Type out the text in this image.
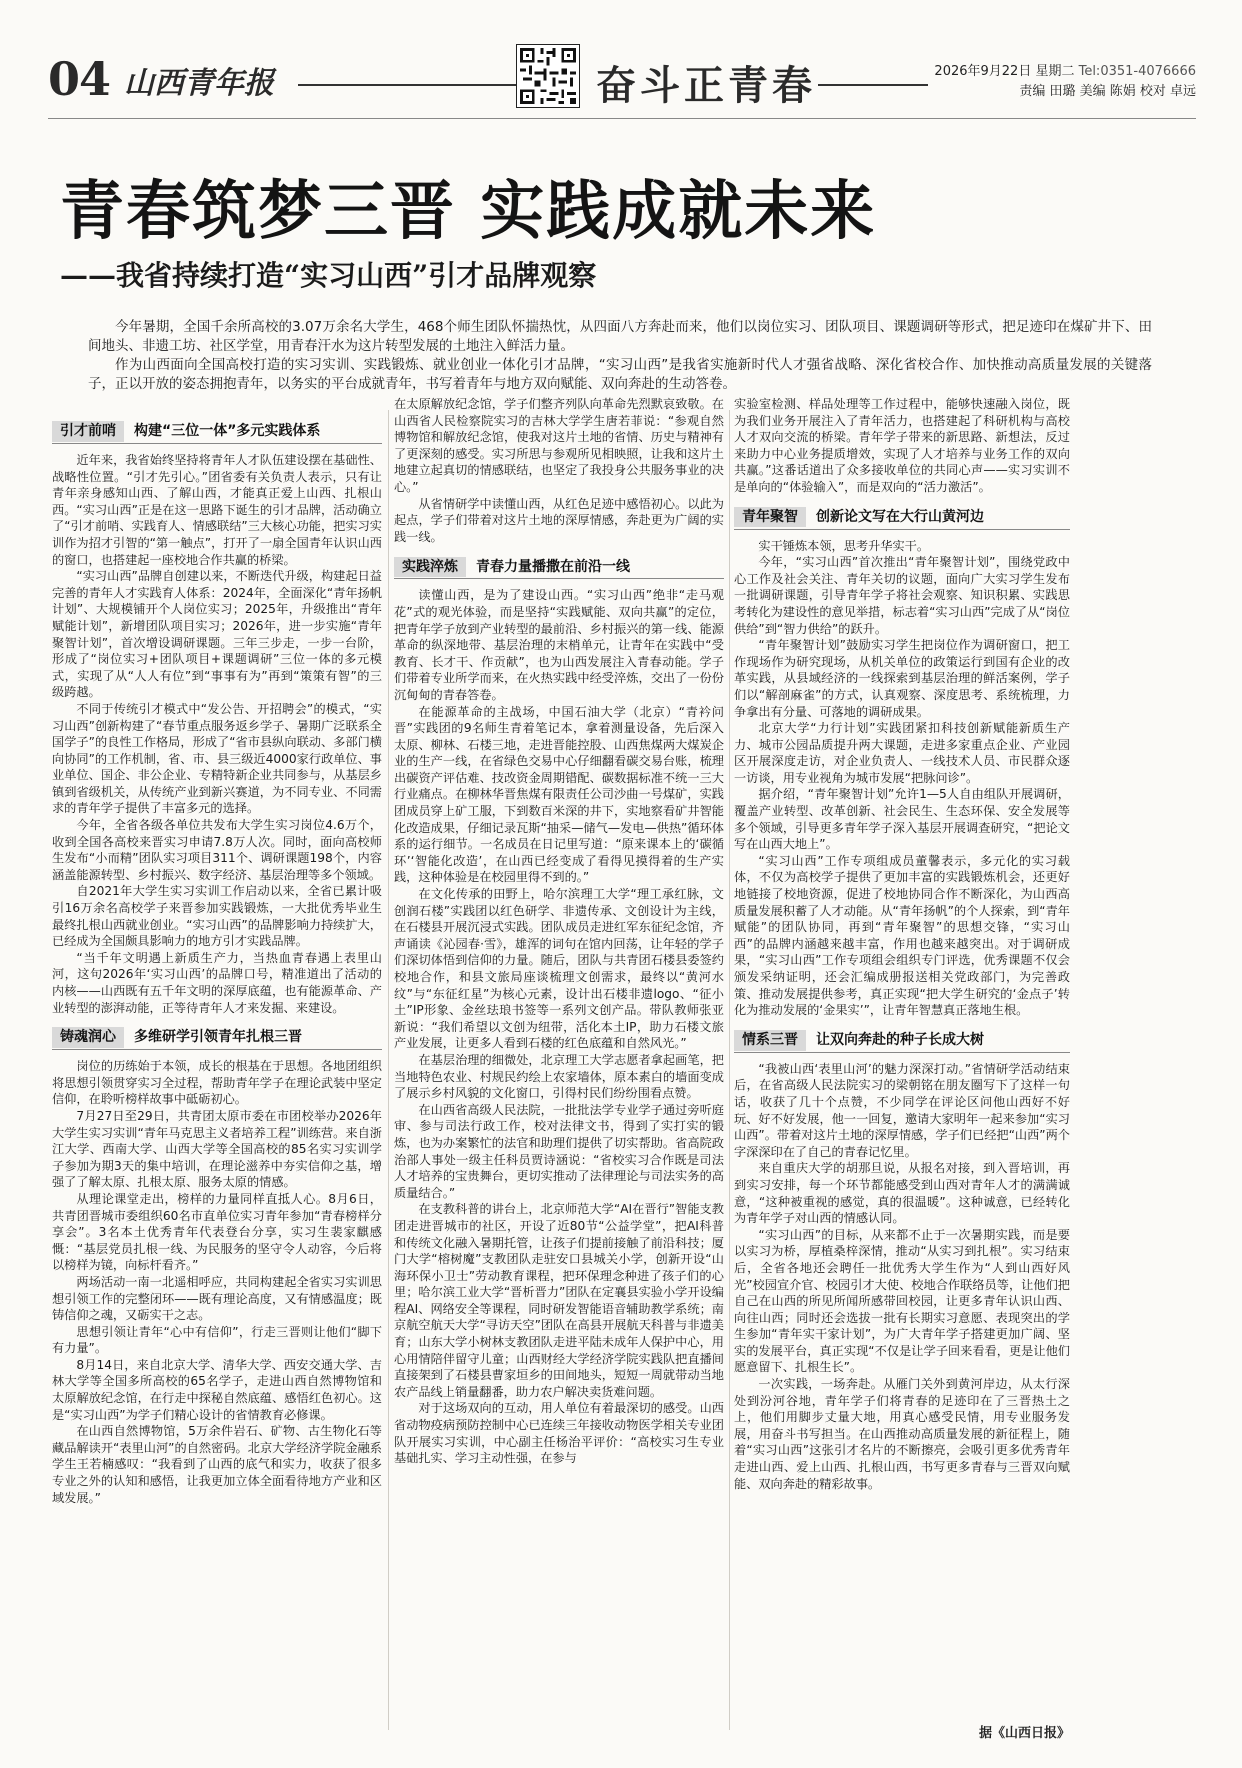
04 山西青年报	奋斗正青春	2026年9月22日 星期二 Tel:0351-4076666
责编 田璐 美编 陈娟 校对 卓远
青春筑梦三晋 实践成就未来
——我省持续打造“实习山西”引才品牌观察

今年暑期，全国千余所高校的3.07万余名大学生，468个师生团队怀揣热忱，从四面八方奔赴而来，他们以岗位实习、团队项目、课题调研等形式，把足迹印在煤矿井下、田间地头、非遗工坊、社区学堂，用青春汗水为这片转型发展的土地注入鲜活力量。

作为山西面向全国高校打造的实习实训、实践锻炼、就业创业一体化引才品牌，“实习山西”是我省实施新时代人才强省战略、深化省校合作、加快推动高质量发展的关键落子，正以开放的姿态拥抱青年，以务实的平台成就青年，书写着青年与地方双向赋能、双向奔赴的生动答卷。

引才前哨	构建“三位一体”多元实践体系

近年来，我省始终坚持将青年人才队伍建设摆在基础性、战略性位置。“引才先引心。”团省委有关负责人表示，只有让青年亲身感知山西、了解山西，才能真正爱上山西、扎根山西。“实习山西”正是在这一思路下诞生的引才品牌，活动确立了“引才前哨、实践育人、情感联结”三大核心功能，把实习实训作为招才引智的“第一触点”，打开了一扇全国青年认识山西的窗口，也搭建起一座校地合作共赢的桥梁。

“实习山西”品牌自创建以来，不断迭代升级，构建起日益完善的青年人才实践育人体系：2024年，全面深化“青年扬帆计划”、大规模铺开个人岗位实习；2025年，升级推出“青年赋能计划”，新增团队项目实习；2026年，进一步实施“青年聚智计划”，首次增设调研课题。三年三步走，一步一台阶，形成了“岗位实习+团队项目+课题调研”三位一体的多元模式，实现了从“人人有位”到“事事有为”再到“策策有智”的三级跨越。

不同于传统引才模式中“发公告、开招聘会”的模式，“实习山西”创新构建了“春节重点服务返乡学子、暑期广泛联系全国学子”的良性工作格局，形成了“省市县纵向联动、多部门横向协同”的工作机制，省、市、县三级近4000家行政单位、事业单位、国企、非公企业、专精特新企业共同参与，从基层乡镇到省级机关，从传统产业到新兴赛道，为不同专业、不同需求的青年学子提供了丰富多元的选择。

今年，全省各级各单位共发布大学生实习岗位4.6万个，收到全国各高校来晋实习申请7.8万人次。同时，面向高校师生发布“小而精”团队实习项目311个、调研课题198个，内容涵盖能源转型、乡村振兴、数字经济、基层治理等多个领域。

自2021年大学生实习实训工作启动以来，全省已累计吸引16万余名高校学子来晋参加实践锻炼，一大批优秀毕业生最终扎根山西就业创业。“实习山西”的品牌影响力持续扩大，已经成为全国颇具影响力的地方引才实践品牌。

“当千年文明遇上新质生产力，当热血青春遇上表里山河，这句2026年‘实习山西’的品牌口号，精准道出了活动的内核——山西既有五千年文明的深厚底蕴，也有能源革命、产业转型的澎湃动能，正等待青年人才来发掘、来建设。

铸魂润心	多维研学引领青年扎根三晋

岗位的历练始于本领，成长的根基在于思想。各地团组织将思想引领贯穿实习全过程，帮助青年学子在理论武装中坚定信仰，在聆听榜样故事中砥砺初心。

7月27日至29日，共青团太原市委在市团校举办2026年大学生实习实训“青年马克思主义者培养工程”训练营。来自浙江大学、西南大学、山西大学等全国高校的85名实习实训学子参加为期3天的集中培训，在理论滋养中夯实信仰之基，增强了了解太原、扎根太原、服务太原的情感。

从理论课堂走出，榜样的力量同样直抵人心。8月6日，共青团晋城市委组织60名市直单位实习青年参加“青春榜样分享会”。3名本土优秀青年代表登台分享，实习生裴家麒感慨：“基层党员扎根一线、为民服务的坚守令人动容，今后将以榜样为镜，向标杆看齐。”

两场活动一南一北遥相呼应，共同构建起全省实习实训思想引领工作的完整闭环——既有理论高度，又有情感温度；既铸信仰之魂，又砺实干之志。

思想引领让青年“心中有信仰”，行走三晋则让他们“脚下有力量”。

8月14日，来自北京大学、清华大学、西安交通大学、吉林大学等全国多所高校的65名学子，走进山西自然博物馆和太原解放纪念馆，在行走中探秘自然底蕴、感悟红色初心。这是“实习山西”为学子们精心设计的省情教育必修课。

在山西自然博物馆，5万余件岩石、矿物、古生物化石等藏品解读开“表里山河”的自然密码。北京大学经济学院金融系学生王若楠感叹：“我看到了山西的底气和实力，收获了很多专业之外的认知和感悟，让我更加立体全面看待地方产业和区域发展。”

在太原解放纪念馆，学子们整齐列队向革命先烈默哀致敬。在山西省人民检察院实习的吉林大学学生唐若菲说：“参观自然博物馆和解放纪念馆，使我对这片土地的省情、历史与精神有了更深刻的感受。实习所思与参观所见相映照，让我和这片土地建立起真切的情感联结，也坚定了我投身公共服务事业的决心。”

从省情研学中读懂山西，从红色足迹中感悟初心。以此为起点，学子们带着对这片土地的深厚情感，奔赴更为广阔的实践一线。

实践淬炼	青春力量播撒在前沿一线

读懂山西，是为了建设山西。“实习山西”绝非“走马观花”式的观光体验，而是坚持“实践赋能、双向共赢”的定位，把青年学子放到产业转型的最前沿、乡村振兴的第一线、能源革命的纵深地带、基层治理的末梢单元，让青年在实践中“受教育、长才干、作贡献”，也为山西发展注入青春动能。学子们带着专业所学而来，在火热实践中经受淬炼，交出了一份份沉甸甸的青春答卷。

在能源革命的主战场，中国石油大学（北京）“青衿问晋”实践团的9名师生青着笔记本，拿着测量设备，先后深入太原、柳林、石楼三地，走进晋能控股、山西焦煤两大煤炭企业的生产一线，在省绿色交易中心仔细翻看碳交易台账，梳理出碳资产评估难、技改资金周期错配、碳数据标准不统一三大行业痛点。在柳林华晋焦煤有限责任公司沙曲一号煤矿，实践团成员穿上矿工服，下到数百米深的井下，实地察看矿井智能化改造成果，仔细记录瓦斯“抽采—储气—发电—供热”循环体系的运行细节。一名成员在日记里写道：“原来课本上的‘碳循环’‘智能化改造’，在山西已经变成了看得见摸得着的生产实践，这种体验是在校园里得不到的。”

在文化传承的田野上，哈尔滨理工大学“理工承红脉，文创润石楼”实践团以红色研学、非遗传承、文创设计为主线，在石楼县开展沉浸式实践。团队成员走进红军东征纪念馆，齐声诵读《沁园春·雪》，雄浑的词句在馆内回荡，让年轻的学子们深切体悟到信仰的力量。随后，团队与共青团石楼县委签约校地合作，和县文旅局座谈梳理文创需求，最终以“黄河水纹”与“东征红星”为核心元素，设计出石楼非遗logo、“征小土”IP形象、金丝珐琅书签等一系列文创产品。带队教师张亚新说：“我们希望以文创为纽带，活化本土IP，助力石楼文旅产业发展，让更多人看到石楼的红色底蕴和自然风光。”

在基层治理的细微处，北京理工大学志愿者拿起画笔，把当地特色农业、村规民约绘上农家墙体，原本素白的墙面变成了展示乡村风貌的文化窗口，引得村民们纷纷围看点赞。

在山西省高级人民法院，一批批法学专业学子通过旁听庭审、参与司法行政工作，校对法律文书，得到了实打实的锻炼，也为办案繁忙的法官和助理们提供了切实帮助。省高院政治部人事处一级主任科员贾诗涵说：“省校实习合作既是司法人才培养的宝贵舞台，更切实推动了法律理论与司法实务的高质量结合。”

在支教科普的讲台上，北京师范大学“AI在晋行”智能支教团走进晋城市的社区，开设了近80节“公益学堂”，把AI科普和传统文化融入暑期托管，让孩子们提前接触了前沿科技；厦门大学“榕树魔”支教团队走驻安口县城关小学，创新开设“山海环保小卫士”劳动教育课程，把环保理念种进了孩子们的心里；哈尔滨工业大学“晋析晋力”团队在定襄县实验小学开设编程AI、网络安全等课程，同时研发智能语音辅助教学系统；南京航空航天大学“寻访天空”团队在高县开展航天科普与非遗美育；山东大学小树林支教团队走进平陆未成年人保护中心，用心用情陪伴留守儿童；山西财经大学经济学院实践队把直播间直接架到了石楼县曹家垣乡的田间地头，短短一周就带动当地农产品线上销量翻番，助力农户解决卖货难问题。

对于这场双向的互动，用人单位有着最深切的感受。山西省动物疫病预防控制中心已连续三年接收动物医学相关专业团队开展实习实训，中心副主任杨治平评价：“高校实习生专业基础扎实、学习主动性强，在参与

实验室检测、样品处理等工作过程中，能够快速融入岗位，既为我们业务开展注入了青年活力，也搭建起了科研机构与高校人才双向交流的桥梁。青年学子带来的新思路、新想法，反过来助力中心业务提质增效，实现了人才培养与业务工作的双向共赢。”这番话道出了众多接收单位的共同心声——实习实训不是单向的“体验输入”，而是双向的“活力激活”。

青年聚智	创新论文写在大行山黄河边

实干锤炼本领，思考升华实干。

今年，“实习山西”首次推出“青年聚智计划”，围绕党政中心工作及社会关注、青年关切的议题，面向广大实习学生发布一批调研课题，引导青年学子将社会观察、知识积累、实践思考转化为建设性的意见举措，标志着“实习山西”完成了从“岗位供给”到“智力供给”的跃升。

“青年聚智计划”鼓励实习学生把岗位作为调研窗口，把工作现场作为研究现场，从机关单位的政策运行到国有企业的改革实践，从县域经济的一线探索到基层治理的鲜活案例，学子们以“解剖麻雀”的方式，认真观察、深度思考、系统梳理，力争拿出有分量、可落地的调研成果。

北京大学“力行计划”实践团紧扣科技创新赋能新质生产力、城市公园品质提升两大课题，走进多家重点企业、产业园区开展深度走访，对企业负责人、一线技术人员、市民群众逐一访谈，用专业视角为城市发展“把脉问诊”。

据介绍，“青年聚智计划”允许1—5人自由组队开展调研，覆盖产业转型、改革创新、社会民生、生态环保、安全发展等多个领域，引导更多青年学子深入基层开展调查研究，“把论文写在山西大地上”。

“实习山西”工作专项组成员董馨表示，多元化的实习载体，不仅为高校学子提供了更加丰富的实践锻炼机会，还更好地链接了校地资源，促进了校地协同合作不断深化，为山西高质量发展积蓄了人才动能。从“青年扬帆”的个人探索，到“青年赋能”的团队协同，再到“青年聚智”的思想交锋，“实习山西”的品牌内涵越来越丰富，作用也越来越突出。对于调研成果，“实习山西”工作专项组会组织专门评选，优秀课题不仅会颁发采纳证明，还会汇编成册报送相关党政部门，为完善政策、推动发展提供参考，真正实现“把大学生研究的‘金点子’转化为推动发展的‘金果实’”，让青年智慧真正落地生根。

情系三晋	让双向奔赴的种子长成大树

“我被山西‘表里山河’的魅力深深打动。”省情研学活动结束后，在省高级人民法院实习的梁朝铭在朋友圈写下了这样一句话，收获了几十个点赞，不少同学在评论区问他山西好不好玩、好不好发展，他一一回复，邀请大家明年一起来参加“实习山西”。带着对这片土地的深厚情感，学子们已经把“山西”两个字深深印在了自己的青春记忆里。

来自重庆大学的胡那旦说，从报名对接，到入晋培训，再到实习安排，每一个环节都能感受到山西对青年人才的满满诚意，“这种被重视的感觉，真的很温暖”。这种诚意，已经转化为青年学子对山西的情感认同。

“实习山西”的目标，从来都不止于一次暑期实践，而是要以实习为桥，厚植桑梓深情，推动“从实习到扎根”。实习结束后，全省各地还会聘任一批优秀大学生作为“人到山西好风光”校园宣介官、校园引才大使、校地合作联络员等，让他们把自己在山西的所见所闻所感带回校园，让更多青年认识山西、向往山西；同时还会选拔一批有长期实习意愿、表现突出的学生参加“青年实干家计划”，为广大青年学子搭建更加广阔、坚实的发展平台，真正实现“不仅是让学子回来看看，更是让他们愿意留下、扎根生长”。

一次实践，一场奔赴。从雁门关外到黄河岸边，从太行深处到汾河谷地，青年学子们将青春的足迹印在了三晋热土之上，他们用脚步丈量大地，用真心感受民情，用专业服务发展，用奋斗书写担当。在山西推动高质量发展的新征程上，随着“实习山西”这张引才名片的不断擦亮，会吸引更多优秀青年走进山西、爱上山西、扎根山西，书写更多青春与三晋双向赋能、双向奔赴的精彩故事。

据《山西日报》
